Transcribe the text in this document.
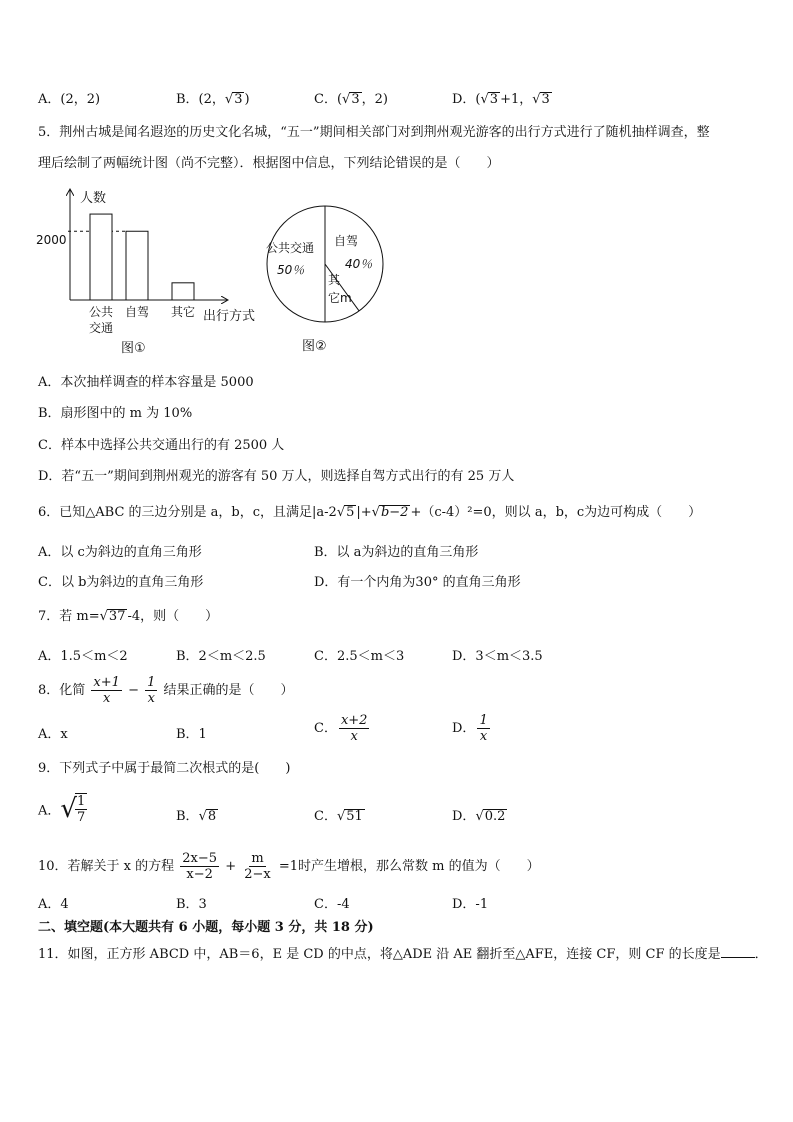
A．(2，2)	B．(2，√3 )	C．(√3 ，2)	D．(√3 +1，√3
5．荆州古城是闻名遐迩的历史文化名城，“五一”期间相关部门对到荆州观光游客的出行方式进行了随机抽样调查，整
理后绘制了两幅统计图（尚不完整）．根据图中信息，下列结论错误的是（　　）
人数
2000
公共
交通
自驾 其它 出行方式
图①
公共交通
50％
自驾
40％
其
它m
图②
A．本次抽样调查的样本容量是 5000
B．扇形图中的 m 为 10%
C．样本中选择公共交通出行的有 2500 人
D．若“五一”期间到荆州观光的游客有 50 万人，则选择自驾方式出行的有 25 万人
6．已知△ABC 的三边分别是 a，b，c，且满足|a-2√5 |+√b−2 +（c-4）²=0，则以 a，b，c为边可构成（　　）
A．以 c为斜边的直角三角形	B．以 a为斜边的直角三角形
C．以 b为斜边的直角三角形	D．有一个内角为30° 的直角三角形
7．若 m=√37 -4，则（　　）
A．1.5＜m＜2	B．2＜m＜2.5	C．2.5＜m＜3	D．3＜m＜3.5
8．化简 $\frac{x+1}{x} - \frac{1}{x}$ 结果正确的是（　　）
A．x	B．1	C． $\frac{x+2}{x}$	D． $\frac{1}{x}$
9．下列式子中属于最简二次根式的是(　　)
A．√
$\frac{1}{7}$	B．√8	C．√51	D．√0.2
10．若解关于 x 的方程 $\frac{2x-5}{x-2} + \frac{m}{2-x} =1$时产生增根，那么常数 m 的值为（　　）
A．4	B．3	C．-4	D．-1
二、填空题(本大题共有 6 小题，每小题 3 分，共 18 分)
11．如图，正方形 ABCD 中，AB＝6，E 是 CD 的中点，将△ADE 沿 AE 翻折至△AFE，连接 CF，则 CF 的长度是	．
